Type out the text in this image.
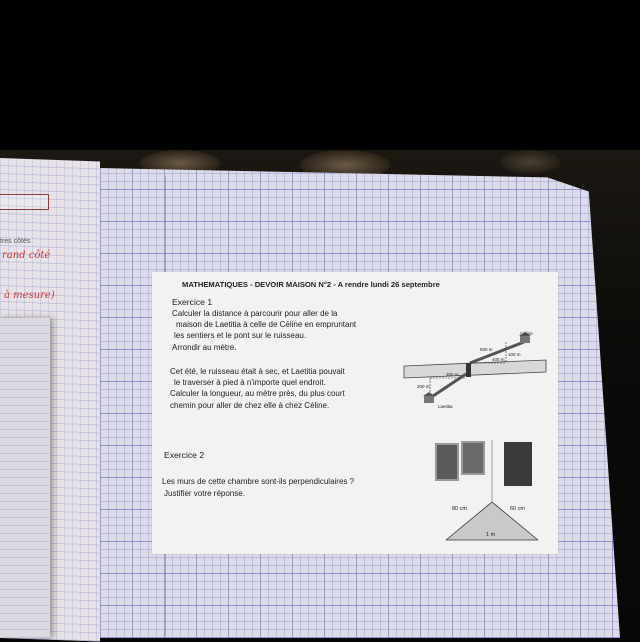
tres côtés
rand côté
à mesure)
MATHEMATIQUES - DEVOIR MAISON N°2 - A rendre lundi 26 septembre
Exercice 1
Calculer la distance à parcourir pour aller de la
maison de Laetitia à celle de Céline en empruntant
les sentiers et le pont sur le ruisseau.
Arrondir au mètre.
Cet été, le ruisseau était à sec, et Laetitia pouvait
le traverser à pied à n'importe quel endroit.
Calculer la longueur, au mètre près, du plus court
chemin pour aller de chez elle à chez Céline.
Céline
500 m
400 m
100 m
300 m
200 m
Laetitia
Exercice 2
Les murs de cette chambre sont-ils perpendiculaires ?
Justifier votre réponse.
80 cm	60 cm
1 m
